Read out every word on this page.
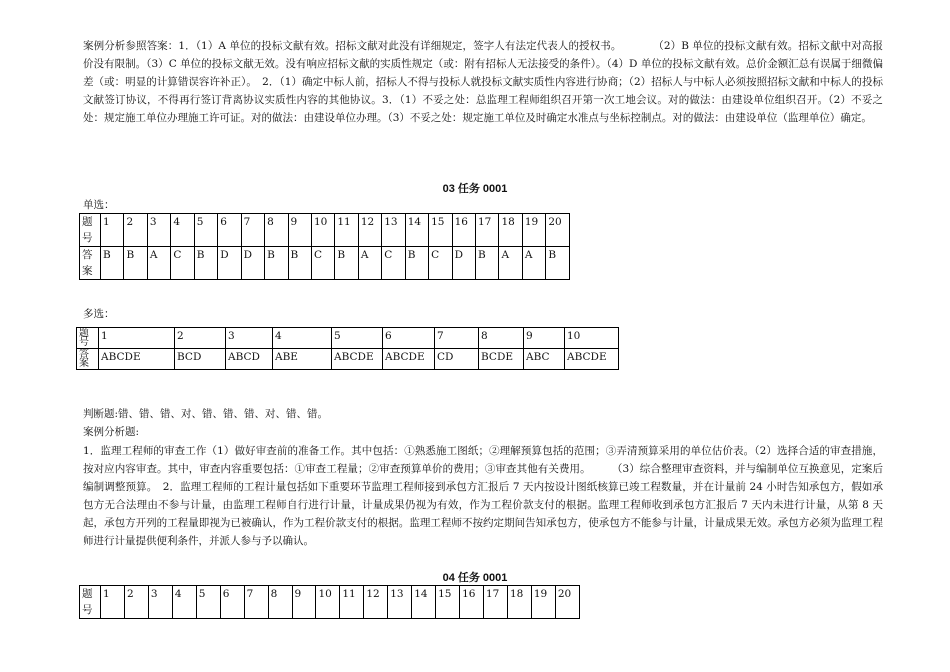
案例分析参照答案：1．（1）A 单位的投标文献有效。招标文献对此没有详细规定，签字人有法定代表人的授权书。　　　　（2）B 单位的投标文献有效。招标文献中对高报价没有限制。（3）C 单位的投标文献无效。没有响应招标文献的实质性规定（或：附有招标人无法接受的条件）。（4）D 单位的投标文献有效。总价金额汇总有误属于细微偏差（或：明显的计算错误容许补正）。　2．（1）确定中标人前，招标人不得与投标人就投标文献实质性内容进行协商；（2）招标人与中标人必须按照招标文献和中标人的投标文献签订协议，不得再行签订背离协议实质性内容的其他协议。3．（1）不妥之处：总监理工程师组织召开第一次工地会议。对的做法：由建设单位组织召开。（2）不妥之处：规定施工单位办理施工许可证。对的做法：由建设单位办理。（3）不妥之处：规定施工单位及时确定水准点与坐标控制点。对的做法：由建设单位（监理单位）确定。

03 任务 0001
单选：
题号	1	2	3	4	5	6	7	8	9	10	11	12	13	14	15	16	17	18	19	20
答案	B	B	A	C	B	D	D	B	B	C	B	A	C	B	C	D	B	A	A	B
多选：
题号	1	2	3	4	5	6	7	8	9	10
答案	ABCDE	BCD	ABCD	ABE	ABCDE	ABCDE	CD	BCDE	ABC	ABCDE
判断题:错、错、错、对、错、错、错、对、错、错。
案例分析题:

1．监理工程师的审查工作（1）做好审查前的准备工作。其中包括：①熟悉施工图纸；②理解预算包括的范围；③弄清预算采用的单位估价表。（2）选择合适的审查措施，按对应内容审查。其中，审查内容重要包括：①审查工程量；②审查预算单价的费用；③审查其他有关费用。　　　（3）综合整理审查资料，并与编制单位互换意见，定案后编制调整预算。　2．监理工程师的工程计量包括如下重要环节监理工程师接到承包方汇报后 7 天内按设计图纸核算已竣工程数量，并在计量前 24 小时告知承包方，假如承包方无合法理由不参与计量，由监理工程师自行进行计量，计量成果仍视为有效，作为工程价款支付的根据。监理工程师收到承包方汇报后 7 天内未进行计量，从第 8 天起，承包方开列的工程量即视为已被确认，作为工程价款支付的根据。监理工程师不按约定期间告知承包方，使承包方不能参与计量，计量成果无效。承包方必须为监理工程师进行计量提供便利条件，并派人参与予以确认。

04 任务 0001
题号	1	2	3	4	5	6	7	8	9	10	11	12	13	14	15	16	17	18	19	20
